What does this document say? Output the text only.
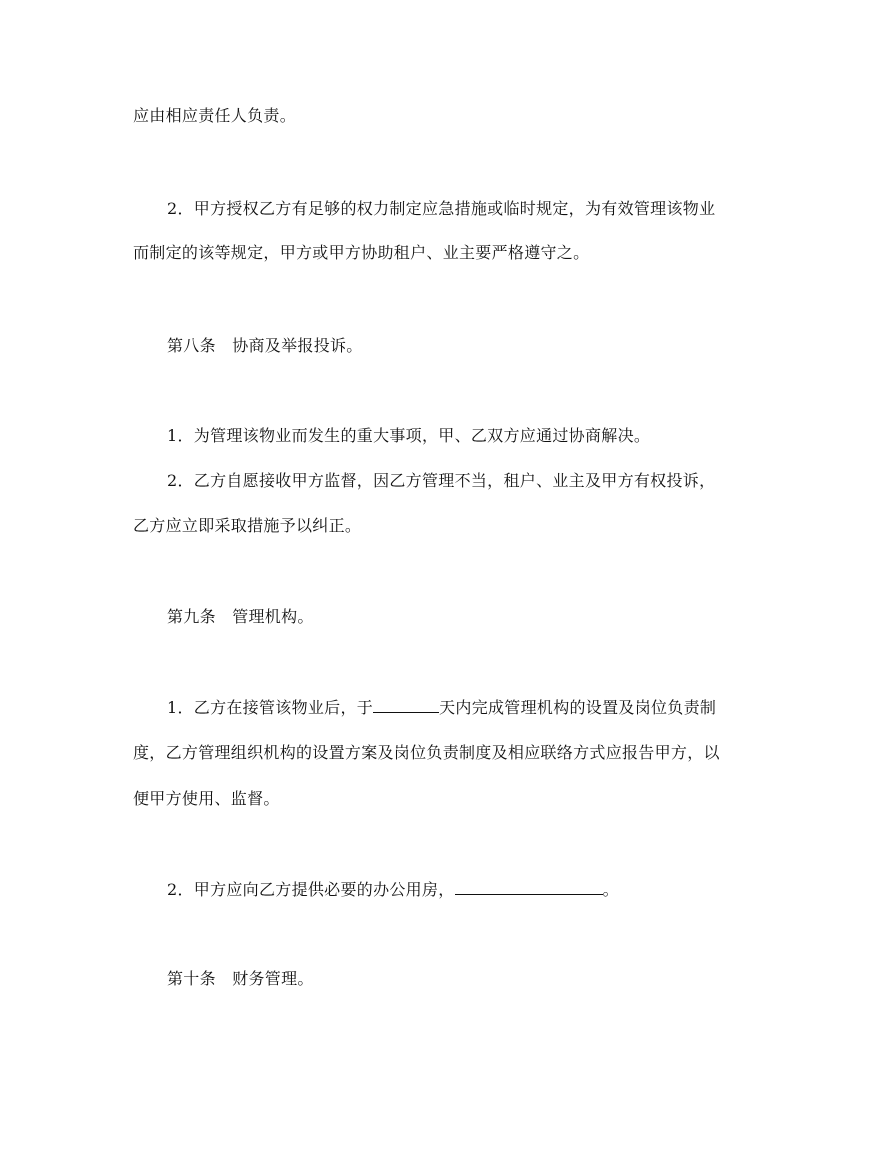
应由相应责任人负责。
2．甲方授权乙方有足够的权力制定应急措施或临时规定，为有效管理该物业
而制定的该等规定，甲方或甲方协助租户、业主要严格遵守之。
第八条　协商及举报投诉。
1．为管理该物业而发生的重大事项，甲、乙双方应通过协商解决。
2．乙方自愿接收甲方监督，因乙方管理不当，租户、业主及甲方有权投诉，
乙方应立即采取措施予以纠正。
第九条　管理机构。
1．乙方在接管该物业后，于	天内完成管理机构的设置及岗位负责制
度，乙方管理组织机构的设置方案及岗位负责制度及相应联络方式应报告甲方，以
便甲方使用、监督。
2．甲方应向乙方提供必要的办公用房，	。
第十条　财务管理。
